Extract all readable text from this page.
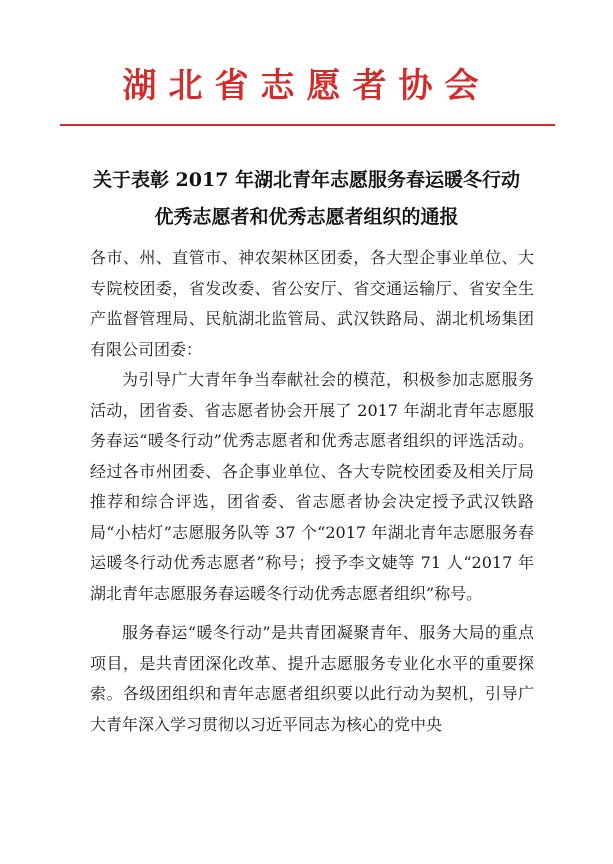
湖北省志愿者协会
关于表彰 2017 年湖北青年志愿服务春运暖冬行动
优秀志愿者和优秀志愿者组织的通报

各市、州、直管市、神农架林区团委，各大型企事业单位、大专院校团委，省发改委、省公安厅、省交通运输厅、省安全生产监督管理局、民航湖北监管局、武汉铁路局、湖北机场集团有限公司团委：

为引导广大青年争当奉献社会的模范，积极参加志愿服务活动，团省委、省志愿者协会开展了 2017 年湖北青年志愿服务春运“暖冬行动”优秀志愿者和优秀志愿者组织的评选活动。经过各市州团委、各企事业单位、各大专院校团委及相关厅局推荐和综合评选，团省委、省志愿者协会决定授予武汉铁路局“小桔灯”志愿服务队等 37 个“2017 年湖北青年志愿服务春运暖冬行动优秀志愿者”称号；授予李文婕等 71 人“2017 年湖北青年志愿服务春运暖冬行动优秀志愿者组织”称号。

服务春运“暖冬行动”是共青团凝聚青年、服务大局的重点项目，是共青团深化改革、提升志愿服务专业化水平的重要探索。各级团组织和青年志愿者组织要以此行动为契机，引导广大青年深入学习贯彻以习近平同志为核心的党中央
